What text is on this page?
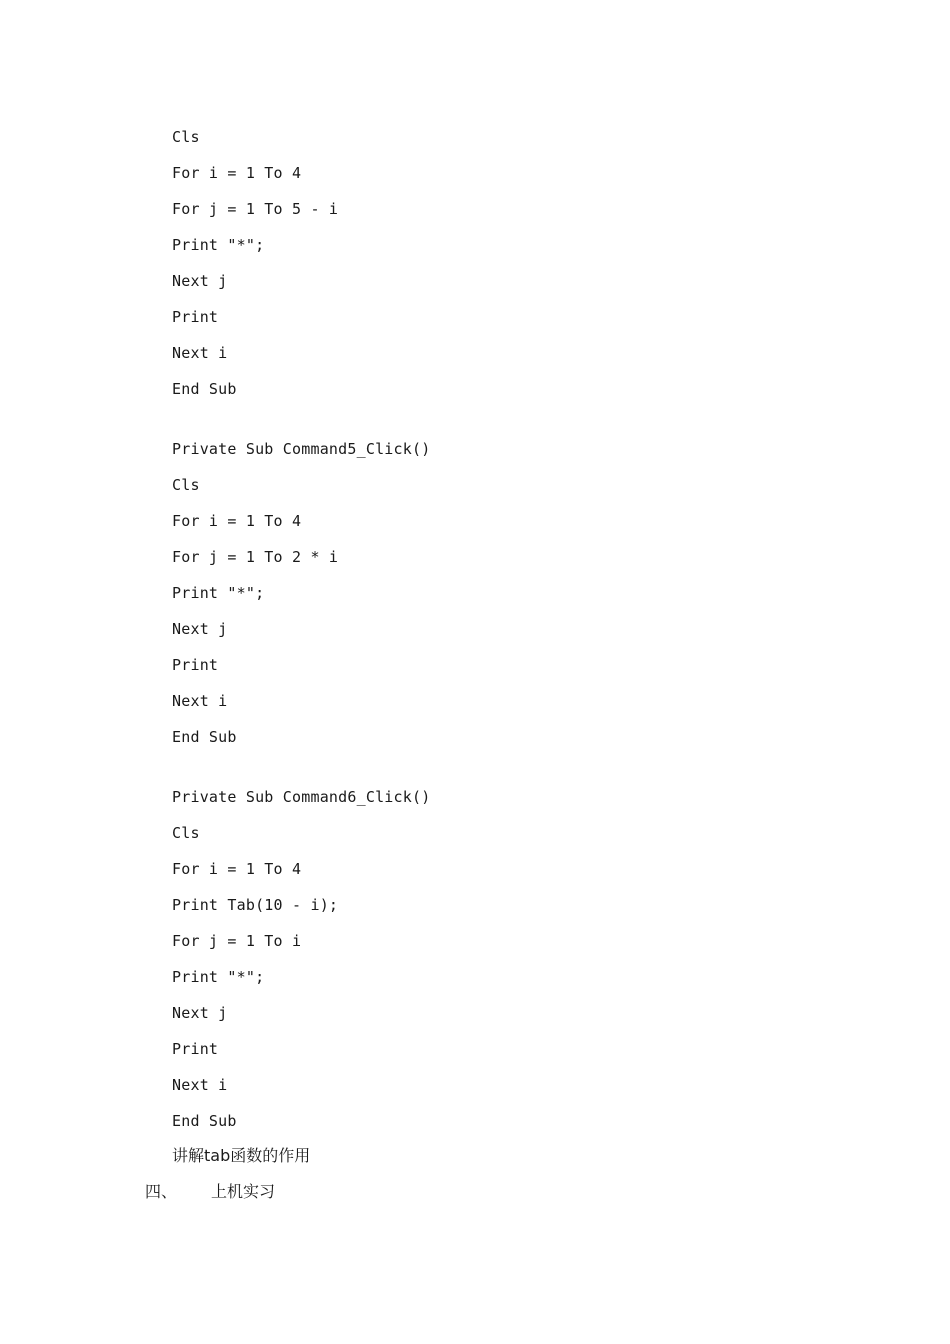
Cls
For i = 1 To 4
For j = 1 To 5 - i
Print "*";
Next j
Print
Next i
End Sub
Private Sub Command5_Click()
Cls
For i = 1 To 4
For j = 1 To 2 * i
Print "*";
Next j
Print
Next i
End Sub
Private Sub Command6_Click()
Cls
For i = 1 To 4
Print Tab(10 - i);
For j = 1 To i
Print "*";
Next j
Print
Next i
End Sub
讲解tab函数的作用
四、 上机实习
